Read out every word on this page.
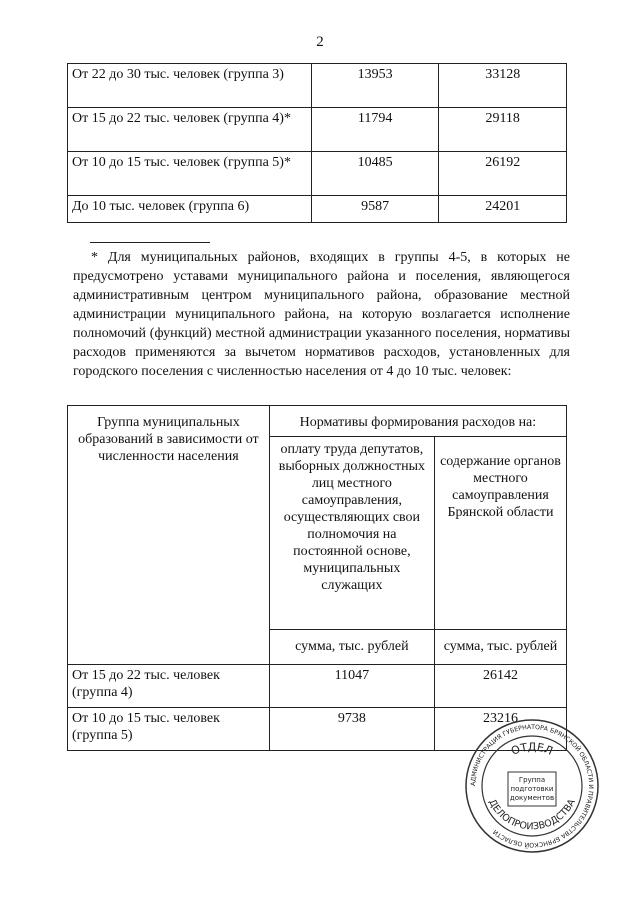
2
От 22 до 30 тыс. человек (группа 3)	13953	33128
От 15 до 22 тыс. человек (группа 4)*	11794	29118
От 10 до 15 тыс. человек (группа 5)*	10485	26192
До 10 тыс. человек (группа 6)	9587	24201
* Для муниципальных районов, входящих в группы 4-5, в которых не предусмотрено уставами муниципального района и поселения, являющегося административным центром муниципального района, образование местной администрации муниципального района, на которую возлагается исполнение полномочий (функций) местной администрации указанного поселения, нормативы расходов применяются за вычетом нормативов расходов, установленных для городского поселения с численностью населения от 4 до 10 тыс. человек:
Группа муниципальных образований в зависимости от численности населения	Нормативы формирования расходов на:	
	оплату труда депутатов, выборных должностных лиц местного самоуправления, осуществляющих свои полномочия на постоянной основе, муниципальных служащих	содержание органов местного самоуправления Брянской области
	сумма, тыс. рублей	сумма, тыс. рублей
От 15 до 22 тыс. человек (группа 4)	11047	26142
От 10 до 15 тыс. человек (группа 5)	9738	23216
АДМИНИСТРАЦИЯ ГУБЕРНАТОРА БРЯНСКОЙ ОБЛАСТИ И ПРАВИТЕЛЬСТВА БРЯНСКОЙ ОБЛАСТИ
ОТДЕЛ
ДЕЛОПРОИЗВОДСТВА
Группа
подготовки
документов
